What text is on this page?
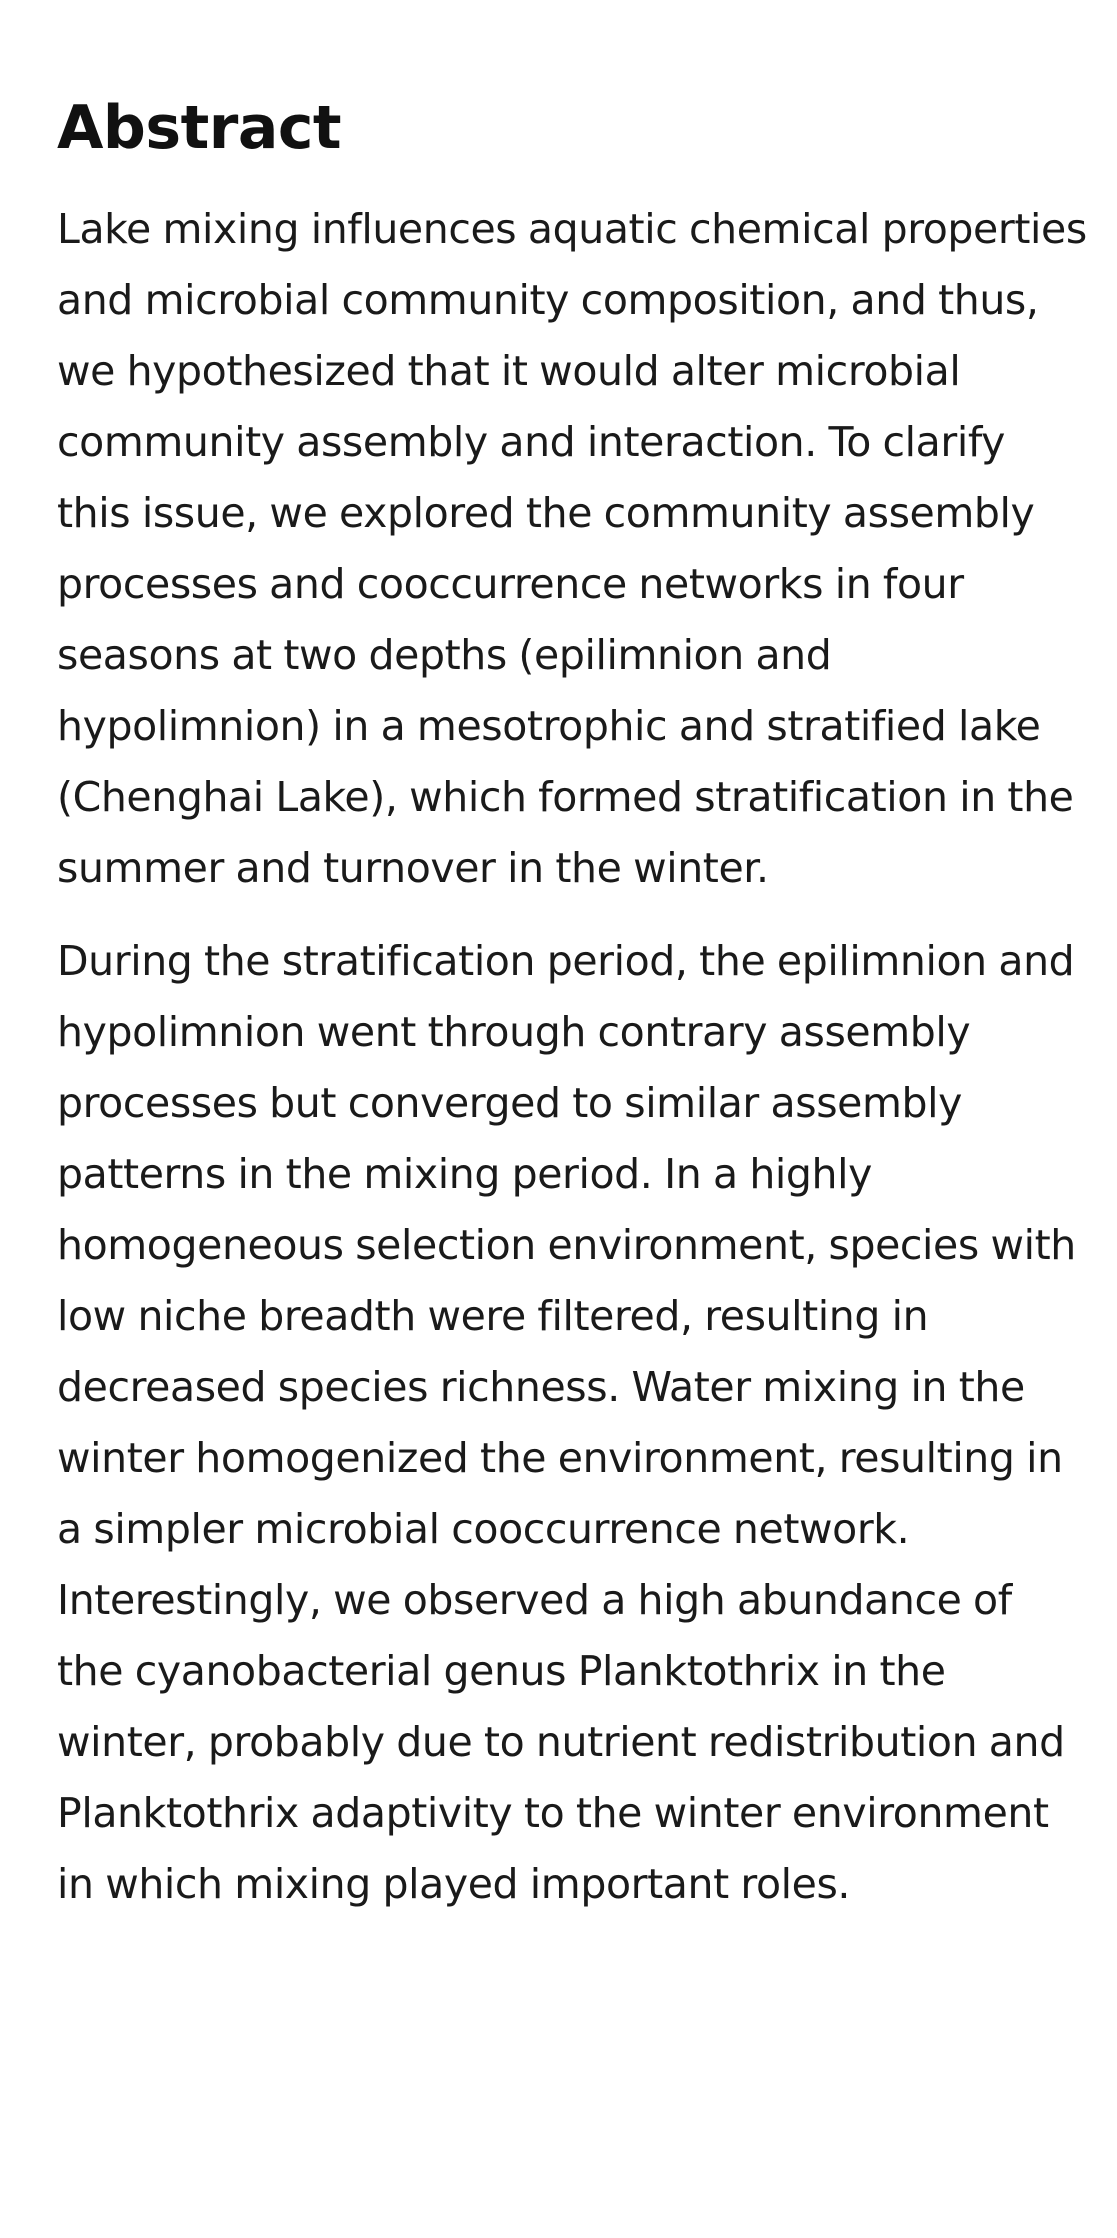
Abstract

Lake mixing influences aquatic chemical properties and microbial community composition, and thus, we hypothesized that it would alter microbial community assembly and interaction. To clarify this issue, we explored the community assembly processes and cooccurrence networks in four seasons at two depths (epilimnion and hypolimnion) in a mesotrophic and stratified lake (Chenghai Lake), which formed stratification in the summer and turnover in the winter.

During the stratification period, the epilimnion and hypolimnion went through contrary assembly processes but converged to similar assembly patterns in the mixing period. In a highly homogeneous selection environment, species with low niche breadth were filtered, resulting in decreased species richness. Water mixing in the winter homogenized the environment, resulting in a simpler microbial cooccurrence network. Interestingly, we observed a high abundance of the cyanobacterial genus Planktothrix in the winter, probably due to nutrient redistribution and Planktothrix adaptivity to the winter environment in which mixing played important roles.
